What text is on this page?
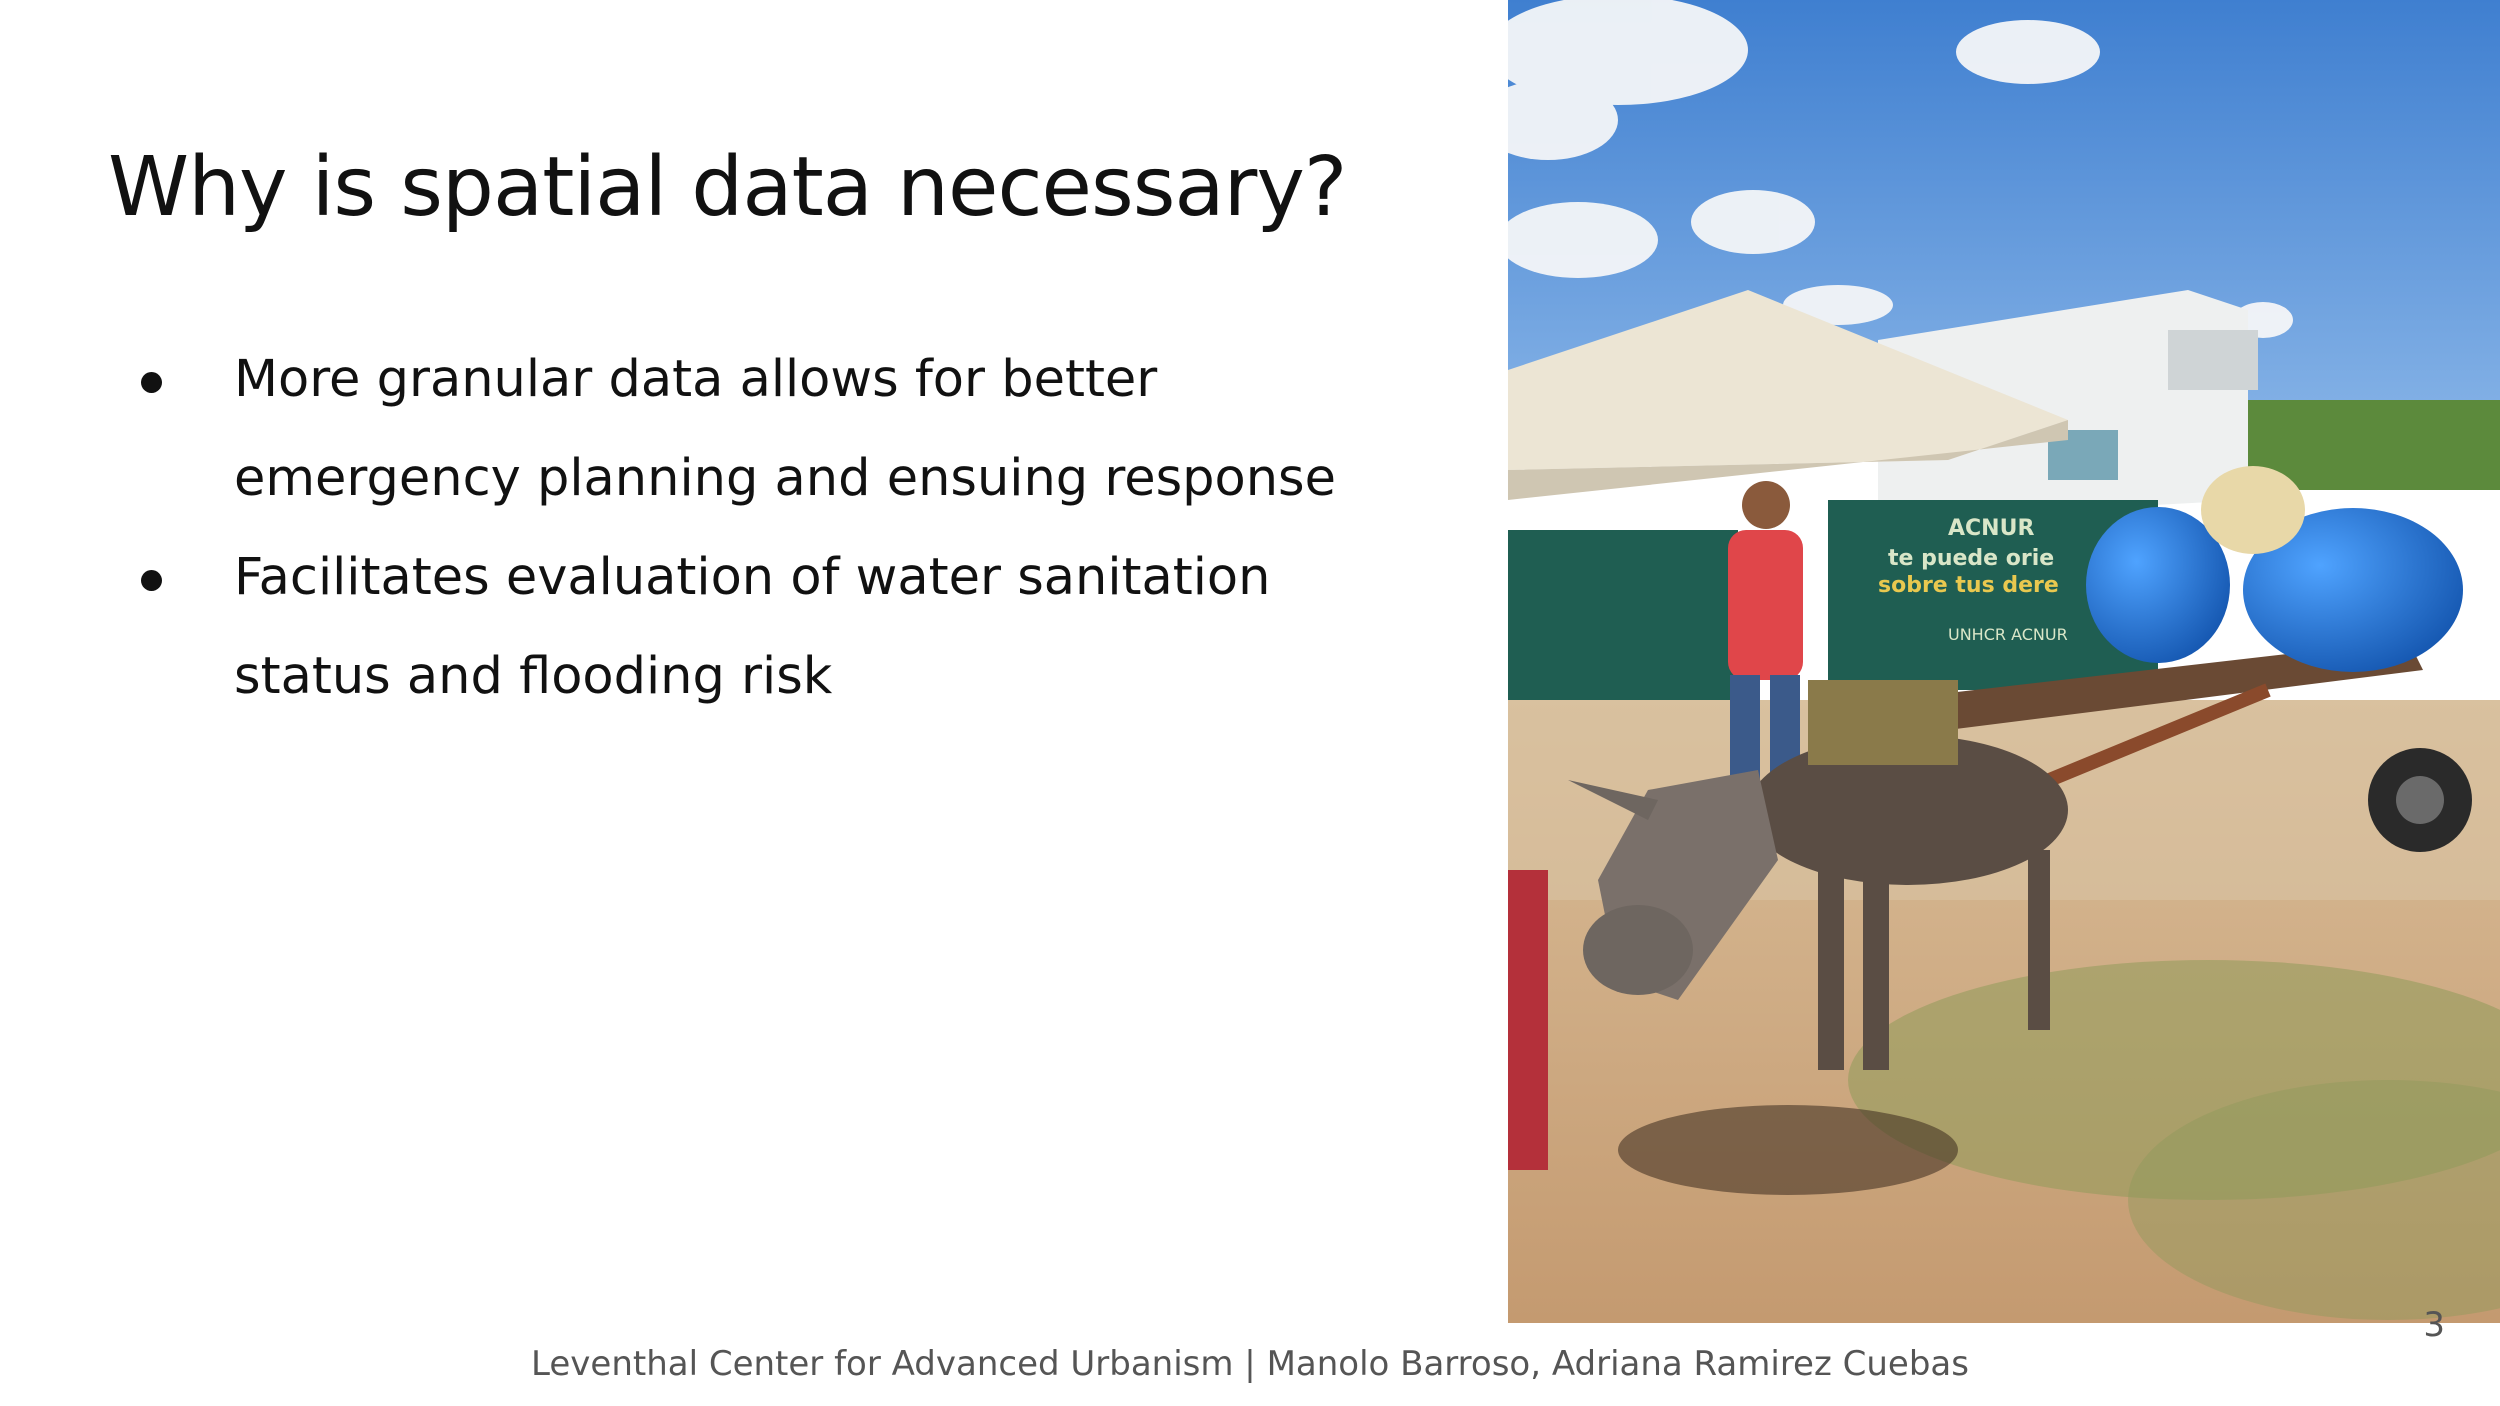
Why is spatial data necessary?
More granular data allows for better emergency planning and ensuing response
Facilitates evaluation of water sanitation status and flooding risk
ACNUR
te puede orie
sobre tus dere
UNHCR ACNUR
3
Leventhal Center for Advanced Urbanism | Manolo Barroso, Adriana Ramirez Cuebas
